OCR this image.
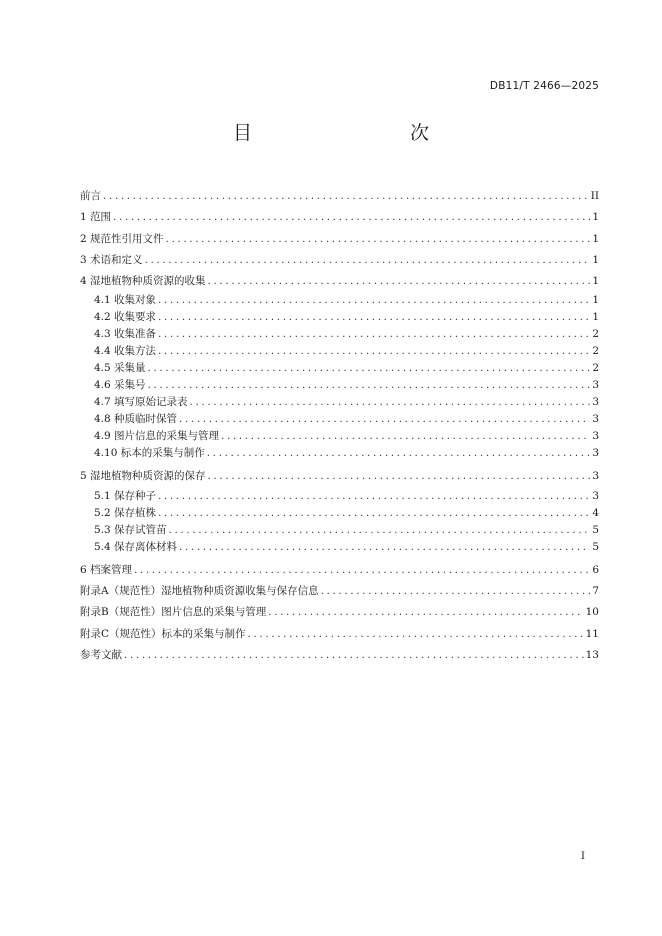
DB11/T 2466—2025
目　　次
前言 .....	II
1 范围 .....	1
2 规范性引用文件 .....	1
3 术语和定义 .....	1
4 湿地植物种质资源的收集 .....	1
4.1 收集对象 .....	1
4.2 收集要求 .....	1
4.3 收集准备 .....	2
4.4 收集方法 .....	2
4.5 采集量 .....	2
4.6 采集号 .....	3
4.7 填写原始记录表 .....	3
4.8 种质临时保管 .....	3
4.9 图片信息的采集与管理 .....	3
4.10 标本的采集与制作 .....	3
5 湿地植物种质资源的保存 .....	3
5.1 保存种子 .....	3
5.2 保存植株 .....	4
5.3 保存试管苗 .....	5
5.4 保存离体材料 .....	5
6 档案管理 .....	6
附录A（规范性）湿地植物种质资源收集与保存信息 .....	7
附录B（规范性）图片信息的采集与管理 .....	10
附录C（规范性）标本的采集与制作 .....	11
参考文献 .....	13
I
